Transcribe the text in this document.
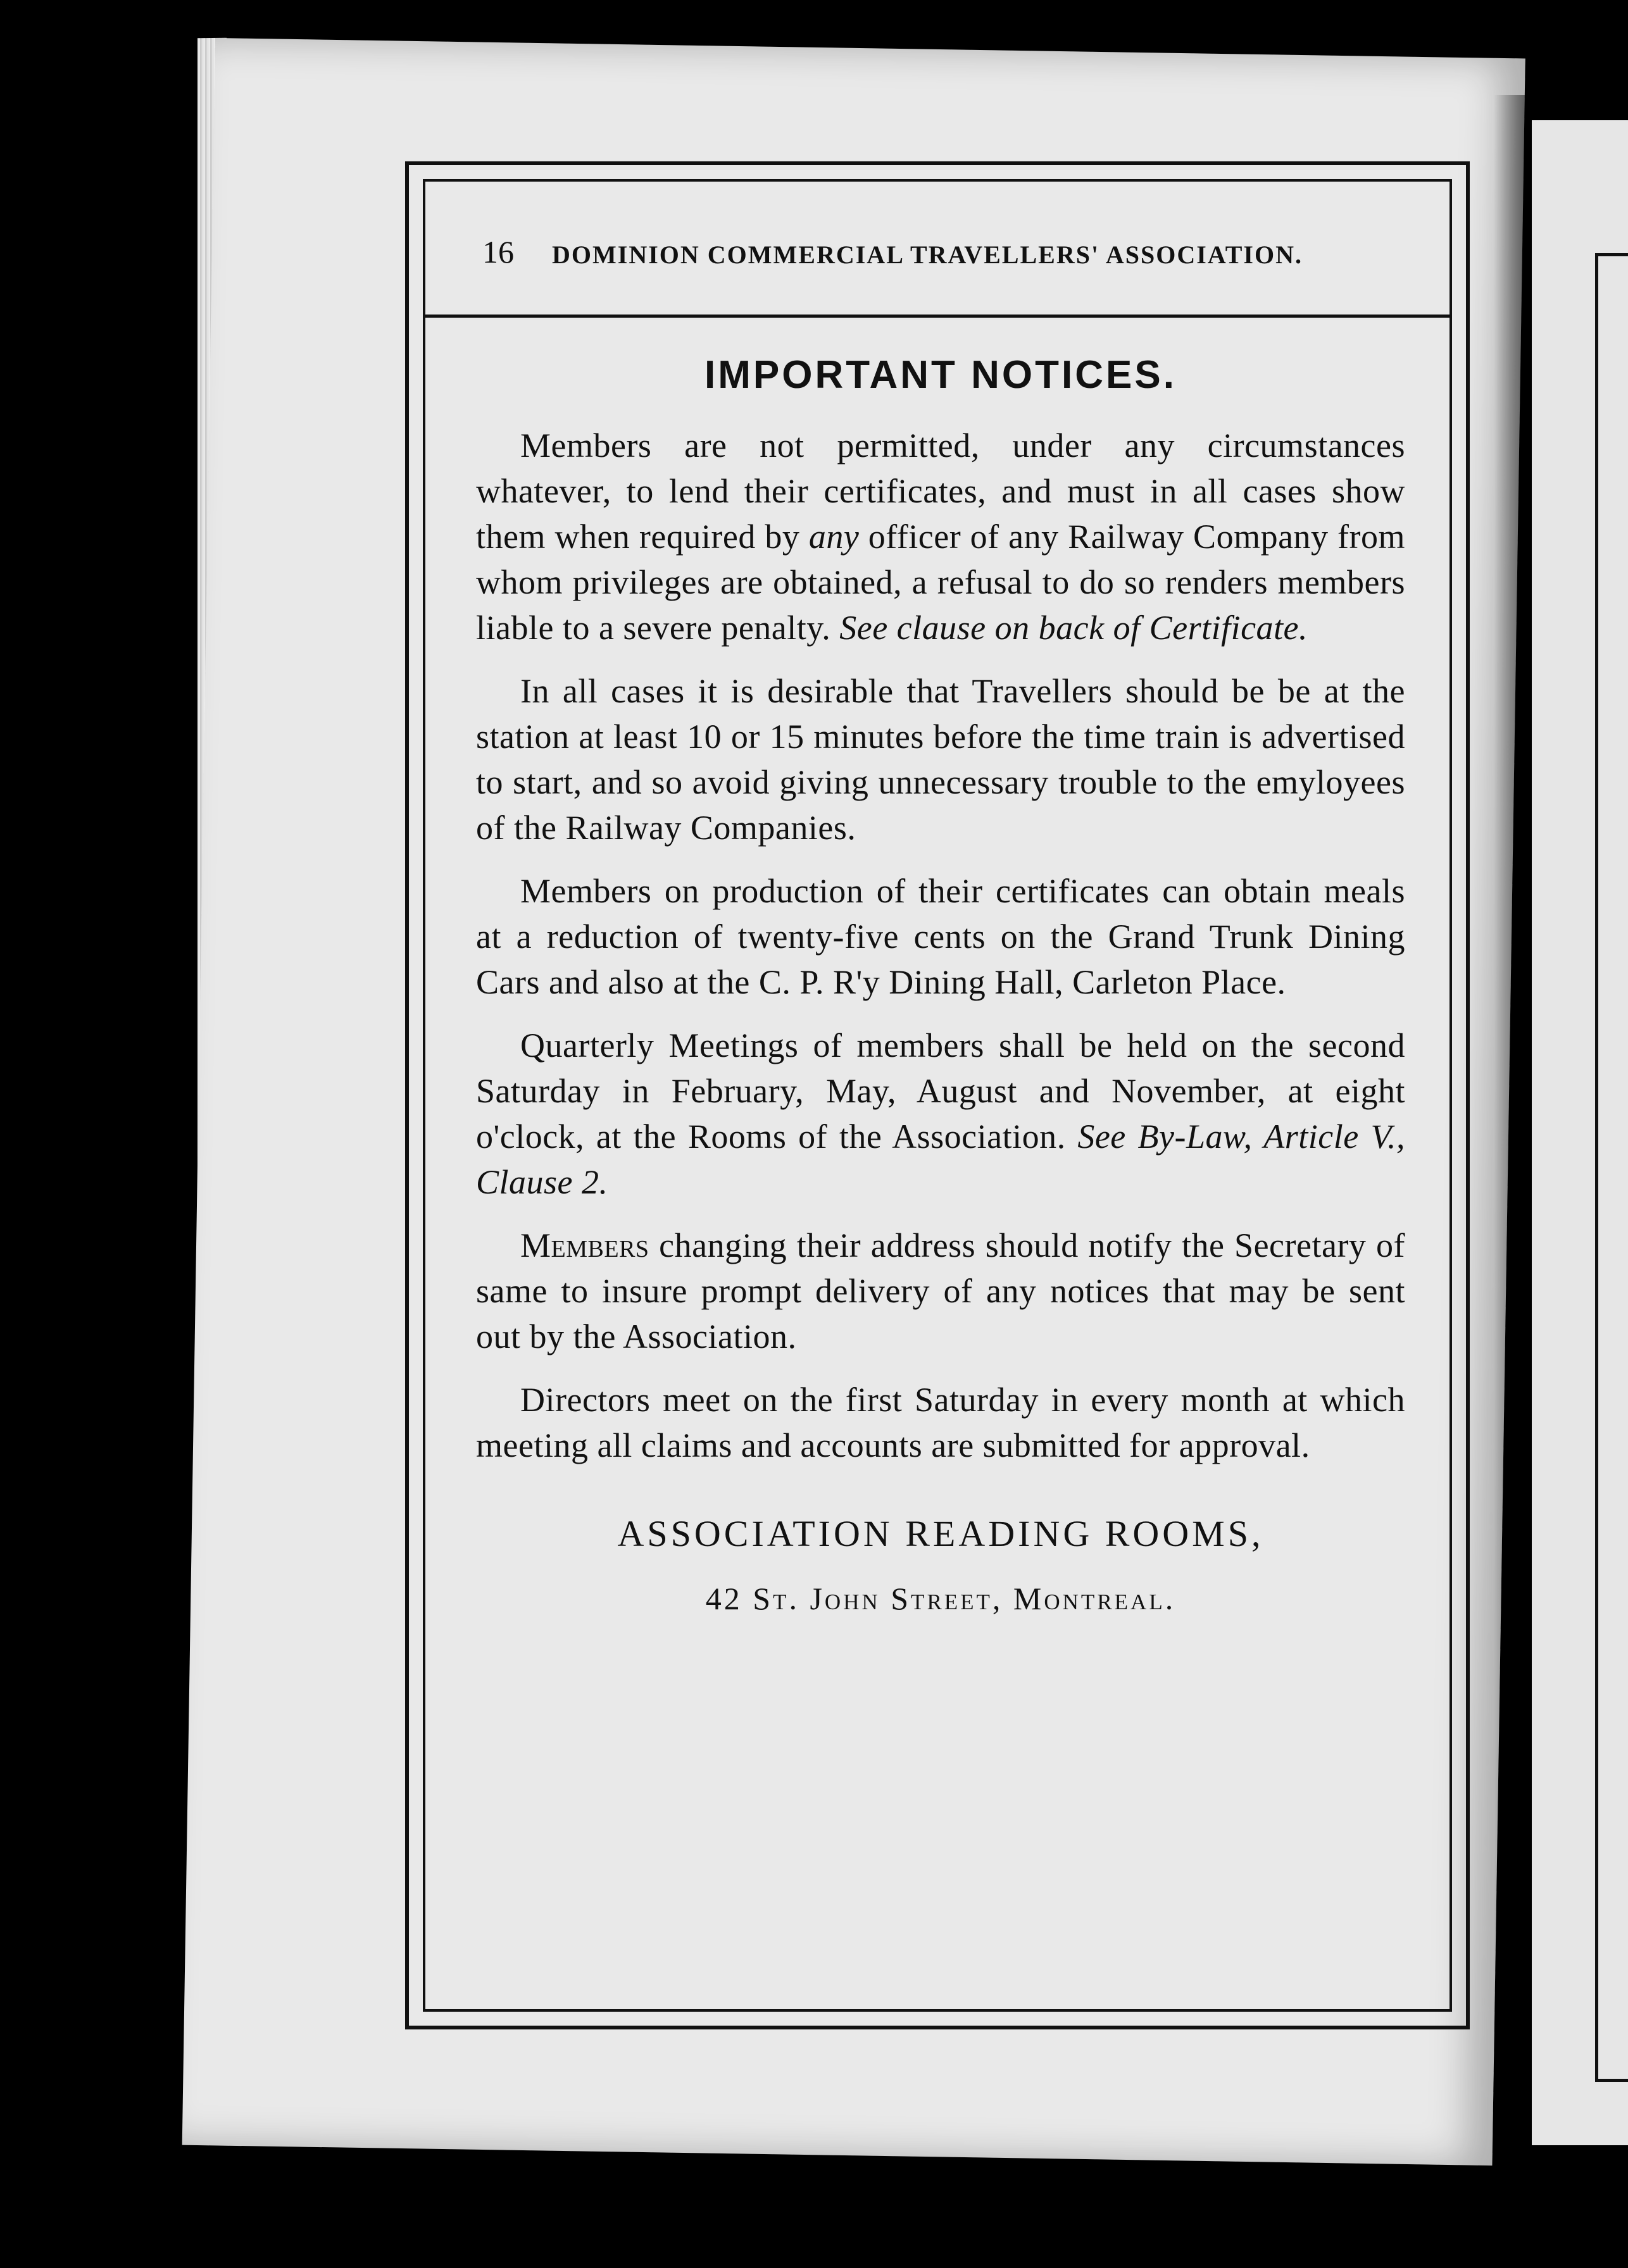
16 DOMINION COMMERCIAL TRAVELLERS' ASSOCIATION.
IMPORTANT NOTICES.

Members are not permitted, under any circumstances whatever, to lend their certificates, and must in all cases show them when required by any officer of any Railway Company from whom privileges are obtained, a refusal to do so renders members liable to a severe penalty. See clause on back of Certificate.

In all cases it is desirable that Travellers should be be at the station at least 10 or 15 minutes before the time train is advertised to start, and so avoid giving unnecessary trouble to the emyloyees of the Railway Companies.

Members on production of their certificates can obtain meals at a reduction of twenty-five cents on the Grand Trunk Dining Cars and also at the C. P. R'y Dining Hall, Carleton Place.

Quarterly Meetings of members shall be held on the second Saturday in February, May, August and November, at eight o'clock, at the Rooms of the Association. See By-Law, Article V., Clause 2.

Members changing their address should notify the Secretary of same to insure prompt delivery of any notices that may be sent out by the Association.

Directors meet on the first Saturday in every month at which meeting all claims and accounts are submitted for approval.

ASSOCIATION READING ROOMS,
42 St. John Street, Montreal.
